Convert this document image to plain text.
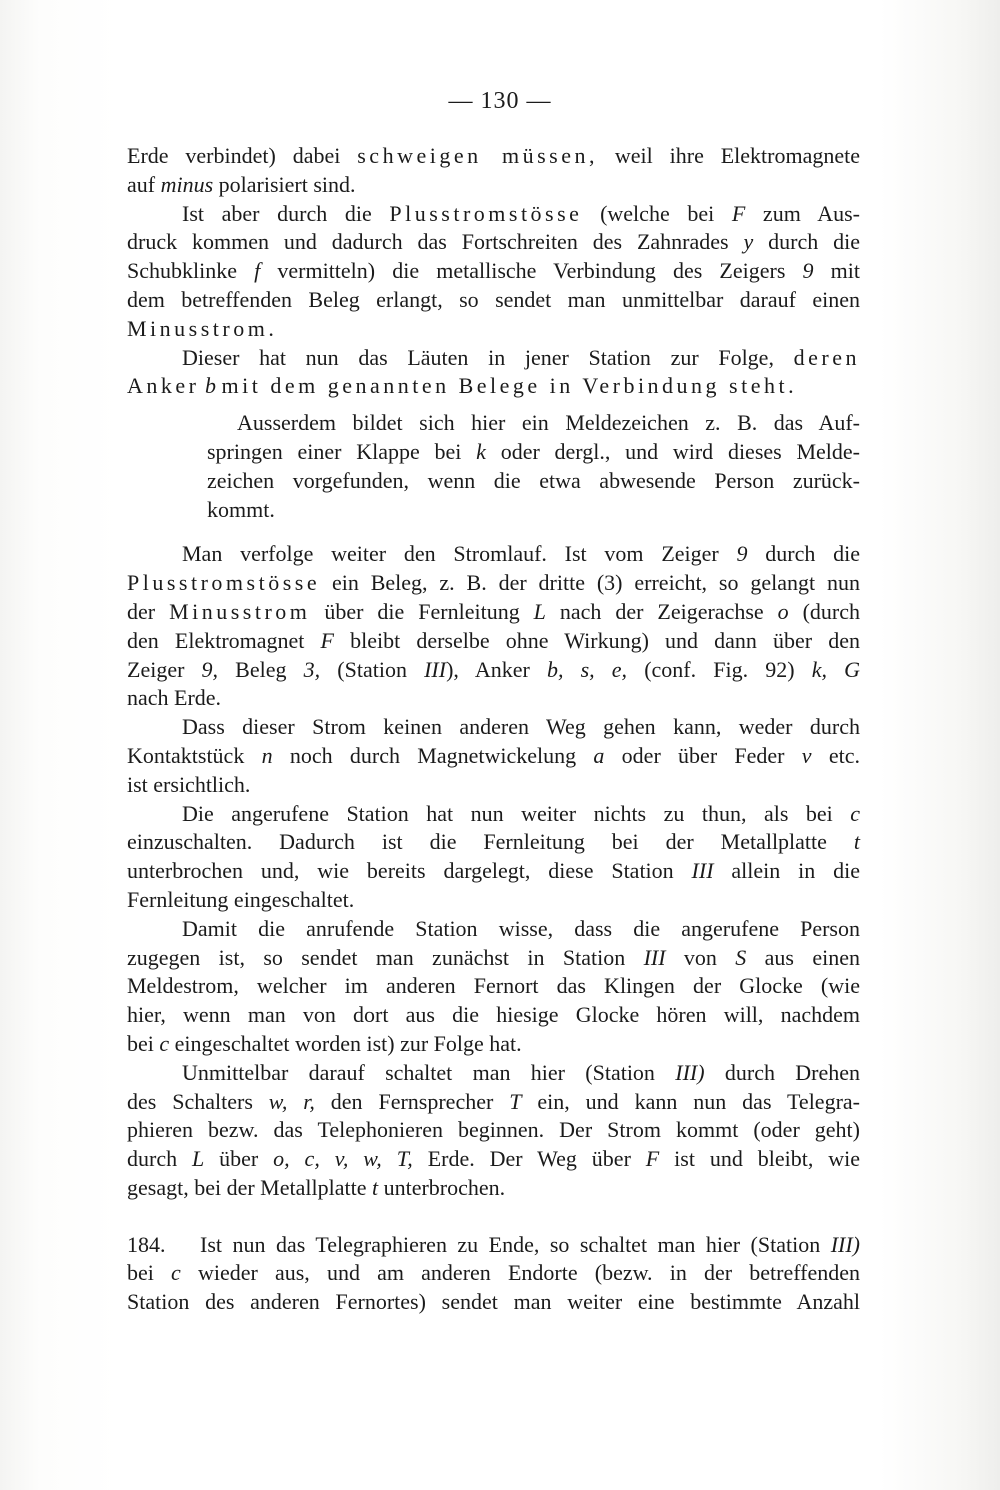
— 130 —
Erde verbindet) dabei schweigen müssen, weil ihre Elektromagnete
auf minus polarisiert sind.
Ist aber durch die Plusstromstösse (welche bei F zum Aus-
druck kommen und dadurch das Fortschreiten des Zahnrades y durch die
Schubklinke f vermitteln) die metallische Verbindung des Zeigers 9 mit
dem betreffenden Beleg erlangt, so sendet man unmittelbar darauf einen
Minusstrom.
Dieser hat nun das Läuten in jener Station zur Folge, deren
Anker b mit dem genannten Belege in Verbindung steht.
Ausserdem bildet sich hier ein Meldezeichen z. B. das Auf-
springen einer Klappe bei k oder dergl., und wird dieses Melde-
zeichen vorgefunden, wenn die etwa abwesende Person zurück-
kommt.
Man verfolge weiter den Stromlauf. Ist vom Zeiger 9 durch die
Plusstromstösse ein Beleg, z. B. der dritte (3) erreicht, so gelangt nun
der Minusstrom über die Fernleitung L nach der Zeigerachse o (durch
den Elektromagnet F bleibt derselbe ohne Wirkung) und dann über den
Zeiger 9, Beleg 3, (Station III), Anker b, s, e, (conf. Fig. 92) k, G
nach Erde.
Dass dieser Strom keinen anderen Weg gehen kann, weder durch
Kontaktstück n noch durch Magnetwickelung a oder über Feder v etc.
ist ersichtlich.
Die angerufene Station hat nun weiter nichts zu thun, als bei c
einzuschalten. Dadurch ist die Fernleitung bei der Metallplatte t
unterbrochen und, wie bereits dargelegt, diese Station III allein in die
Fernleitung eingeschaltet.
Damit die anrufende Station wisse, dass die angerufene Person
zugegen ist, so sendet man zunächst in Station III von S aus einen
Meldestrom, welcher im anderen Fernort das Klingen der Glocke (wie
hier, wenn man von dort aus die hiesige Glocke hören will, nachdem
bei c eingeschaltet worden ist) zur Folge hat.
Unmittelbar darauf schaltet man hier (Station III) durch Drehen
des Schalters w, r, den Fernsprecher T ein, und kann nun das Telegra-
phieren bezw. das Telephonieren beginnen. Der Strom kommt (oder geht)
durch L über o, c, v, w, T, Erde. Der Weg über F ist und bleibt, wie
gesagt, bei der Metallplatte t unterbrochen.
184. Ist nun das Telegraphieren zu Ende, so schaltet man hier (Station III)
bei c wieder aus, und am anderen Endorte (bezw. in der betreffenden
Station des anderen Fernortes) sendet man weiter eine bestimmte Anzahl
